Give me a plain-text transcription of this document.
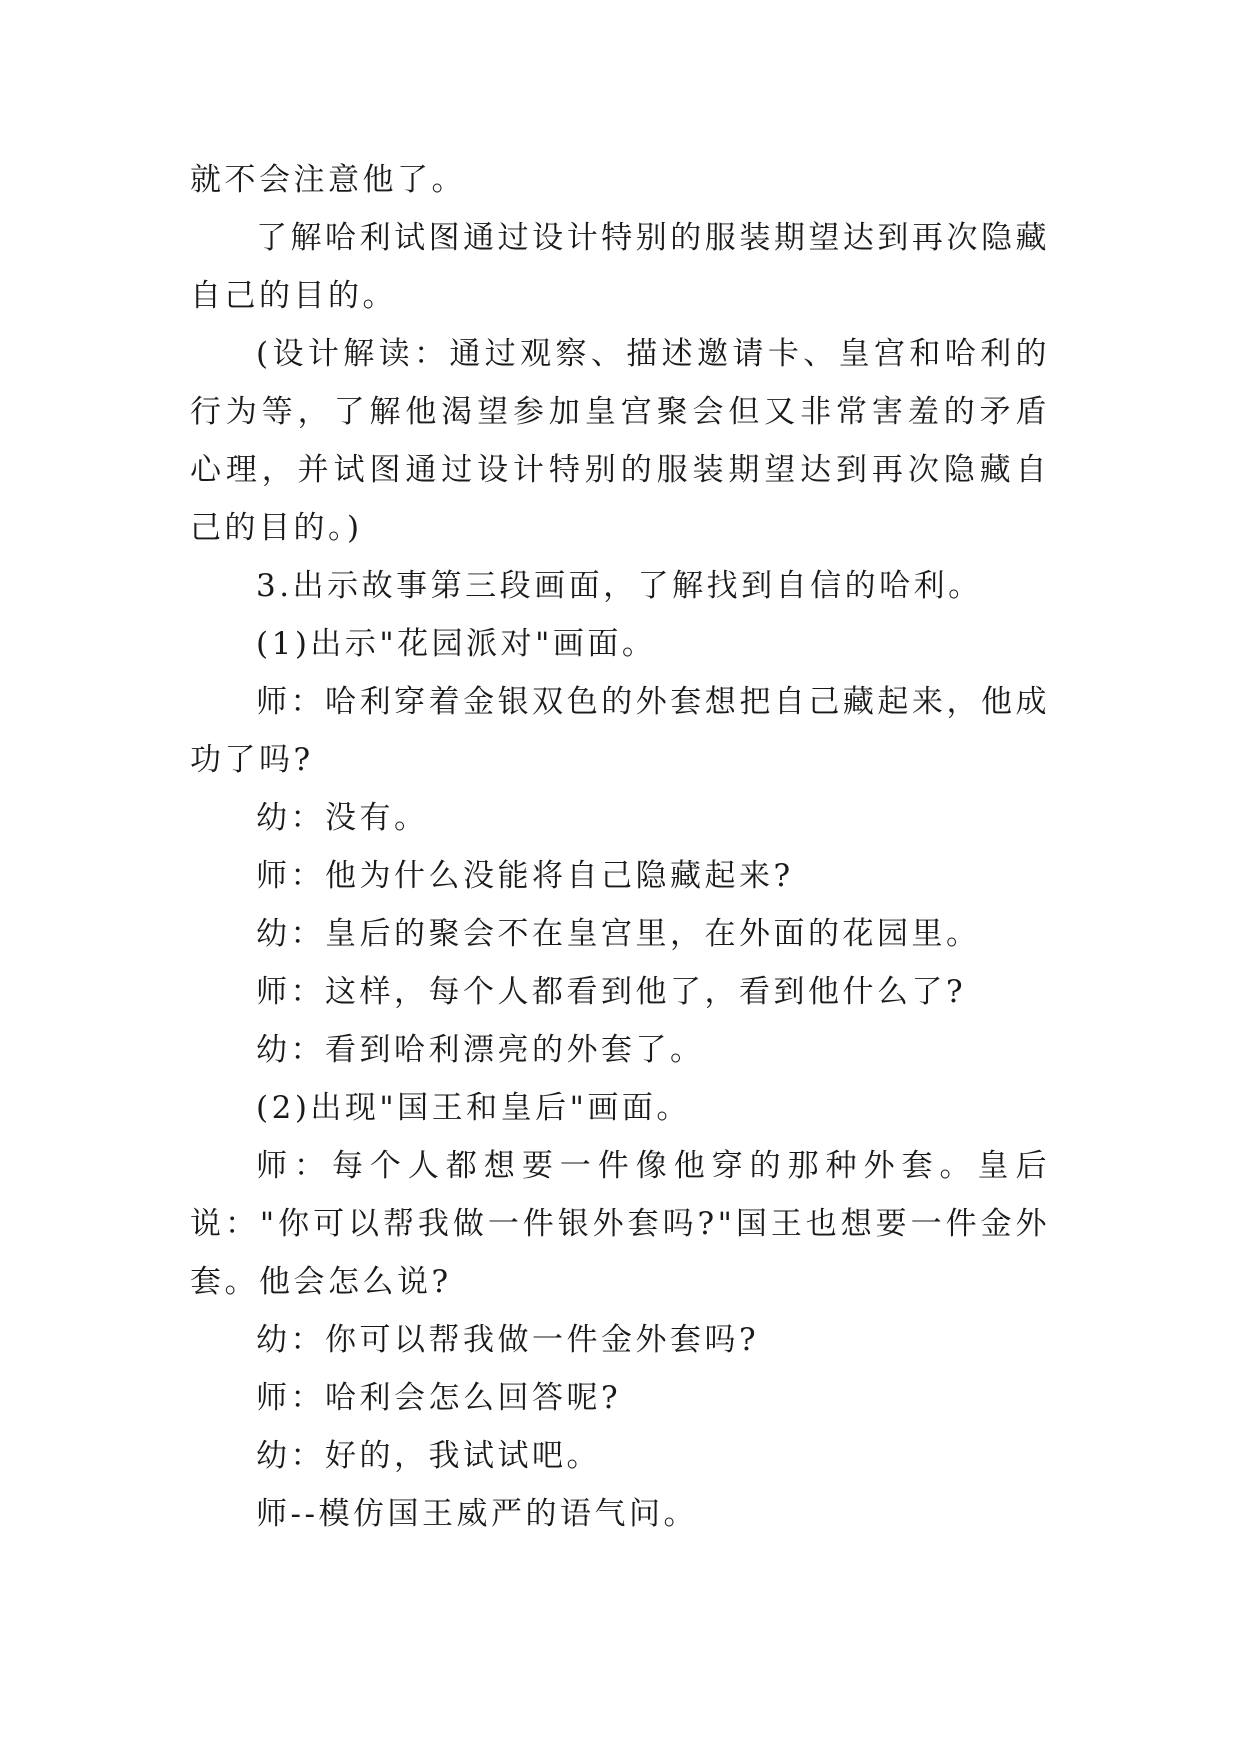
就不会注意他了。

了解哈利试图通过设计特别的服装期望达到再次隐藏自己的目的。

(设计解读：通过观察、描述邀请卡、皇宫和哈利的行为等，了解他渴望参加皇宫聚会但又非常害羞的矛盾心理，并试图通过设计特别的服装期望达到再次隐藏自己的目的。)

3.出示故事第三段画面，了解找到自信的哈利。

(1)出示"花园派对"画面。

师：哈利穿着金银双色的外套想把自己藏起来，他成功了吗?

幼：没有。

师：他为什么没能将自己隐藏起来?

幼：皇后的聚会不在皇宫里，在外面的花园里。

师：这样，每个人都看到他了，看到他什么了?

幼：看到哈利漂亮的外套了。

(2)出现"国王和皇后"画面。

师：每个人都想要一件像他穿的那种外套。皇后说："你可以帮我做一件银外套吗?"国王也想要一件金外套。他会怎么说?

幼：你可以帮我做一件金外套吗?

师：哈利会怎么回答呢?

幼：好的，我试试吧。

师--模仿国王威严的语气问。
